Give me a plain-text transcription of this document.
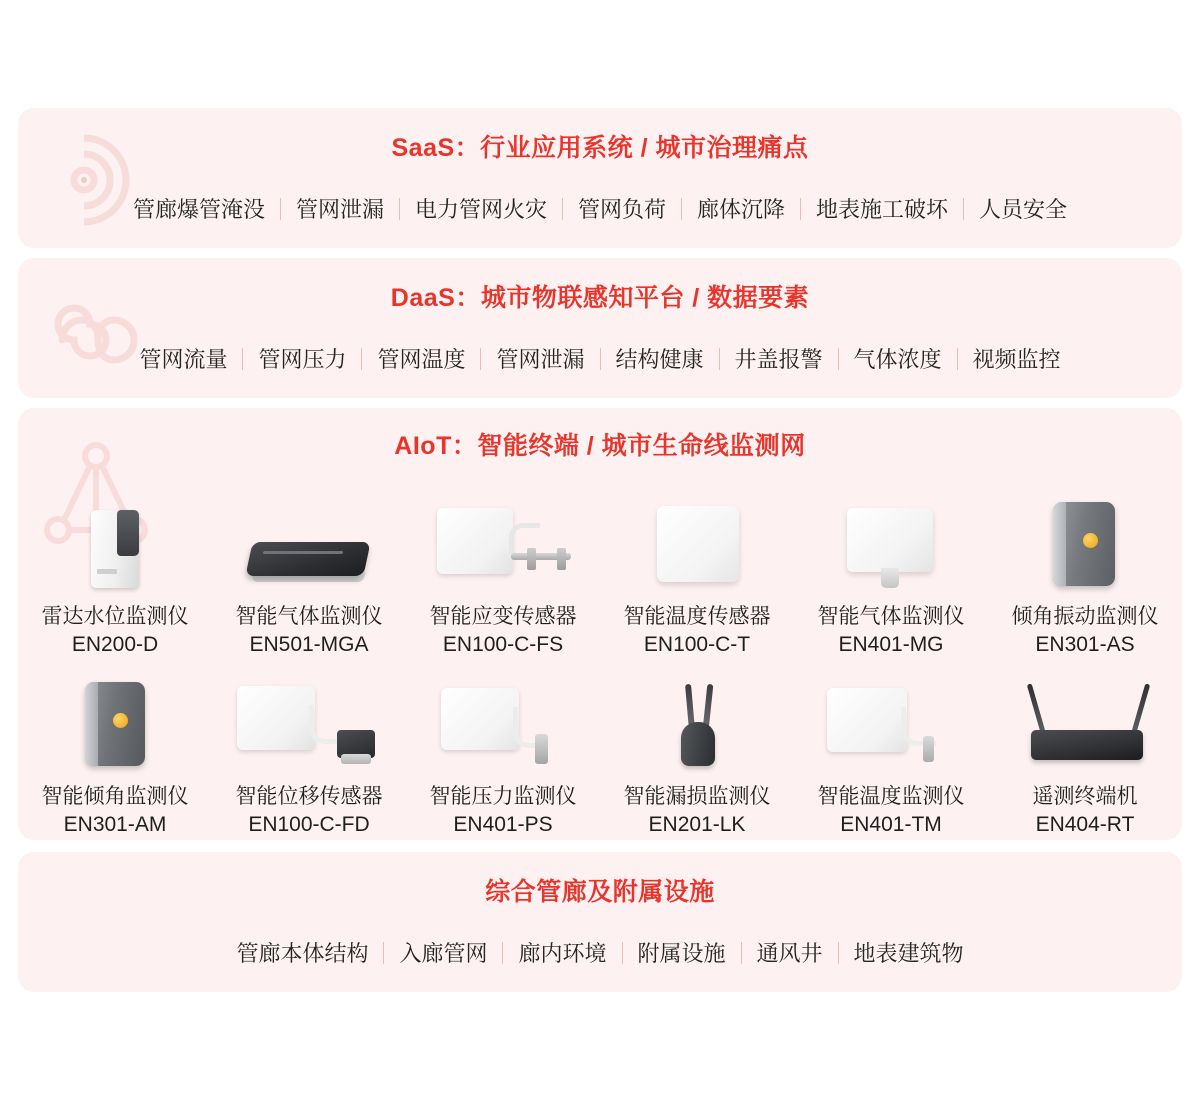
SaaS：行业应用系统 / 城市治理痛点
管廊爆管淹没	管网泄漏	电力管网火灾	管网负荷	廊体沉降	地表施工破坏	人员安全
DaaS：城市物联感知平台 / 数据要素
管网流量	管网压力	管网温度	管网泄漏	结构健康	井盖报警	气体浓度	视频监控
AIoT：智能终端 / 城市生命线监测网
雷达水位监测仪
EN200-D
智能气体监测仪
EN501-MGA
智能应变传感器
EN100-C-FS
智能温度传感器
EN100-C-T
智能气体监测仪
EN401-MG
倾角振动监测仪
EN301-AS
智能倾角监测仪
EN301-AM
智能位移传感器
EN100-C-FD
智能压力监测仪
EN401-PS
智能漏损监测仪
EN201-LK
智能温度监测仪
EN401-TM
遥测终端机
EN404-RT
综合管廊及附属设施
管廊本体结构	入廊管网	廊内环境	附属设施	通风井	地表建筑物
